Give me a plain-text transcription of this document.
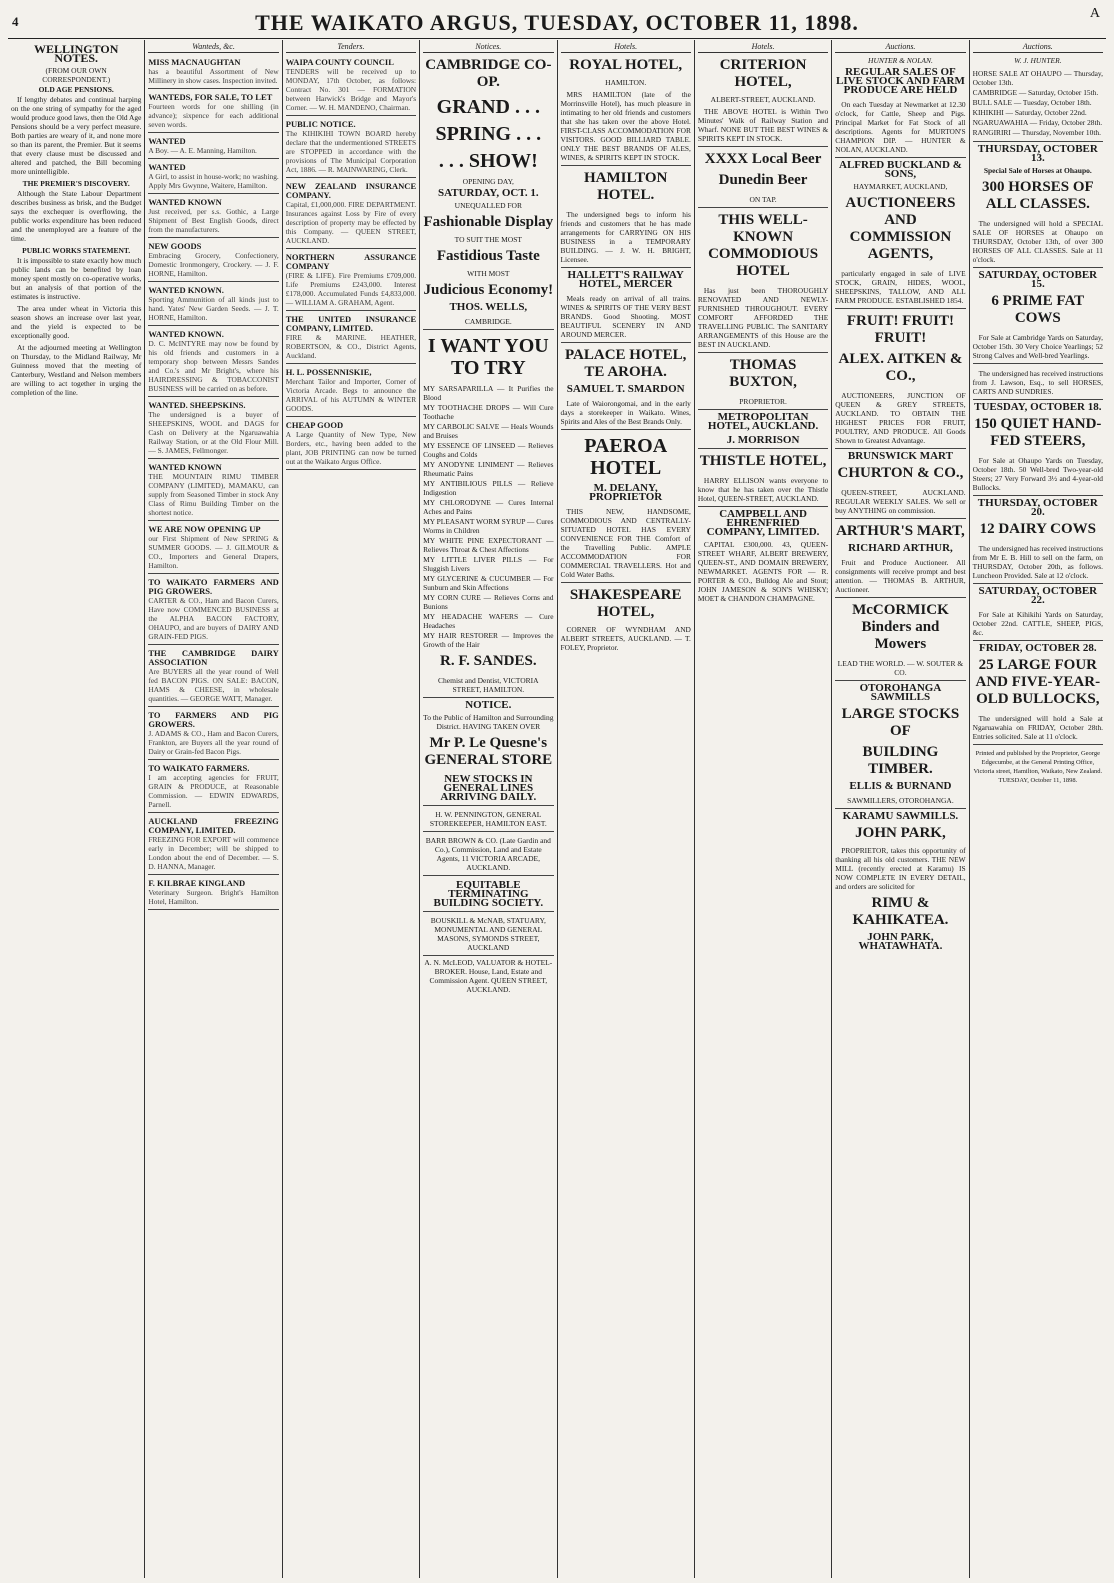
4	THE WAIKATO ARGUS, TUESDAY, OCTOBER 11, 1898.	A
WELLINGTON NOTES.
(FROM OUR OWN CORRESPONDENT.)
OLD AGE PENSIONS.

If lengthy debates and continual harping on the one string of sympathy for the aged would produce good laws, then the Old Age Pensions should be a very perfect measure. Both parties are weary of it, and none more so than its parent, the Premier. But it seems that every clause must be discussed and altered and patched, the Bill becoming more unintelligible.

THE PREMIER'S DISCOVERY.

Although the State Labour Department describes business as brisk, and the Budget says the exchequer is overflowing, the public works expenditure has been reduced and the unemployed are a feature of the time.

PUBLIC WORKS STATEMENT.

It is impossible to state exactly how much public lands can be benefited by loan money spent mostly on co-operative works, but an analysis of that portion of the estimates is instructive.

The area under wheat in Victoria this season shows an increase over last year, and the yield is expected to be exceptionally good.

At the adjourned meeting at Wellington on Thursday, to the Midland Railway, Mr Guinness moved that the meeting of Canterbury, Westland and Nelson members are willing to act together in urging the completion of the line.

Wanteds, &c.
MISS MACNAUGHTAN
has a beautiful Assortment of New Millinery in show cases. Inspection invited.
WANTEDS, FOR SALE, TO LET
Fourteen words for one shilling (in advance); sixpence for each additional seven words.
WANTED
A Boy. — A. E. Manning, Hamilton.
WANTED
A Girl, to assist in house-work; no washing. Apply Mrs Gwynne, Waitere, Hamilton.
WANTED KNOWN
Just received, per s.s. Gothic, a Large Shipment of Best English Goods, direct from the manufacturers.
NEW GOODS
Embracing Grocery, Confectionery, Domestic Ironmongery, Crockery. — J. F. HORNE, Hamilton.
WANTED KNOWN.
Sporting Ammunition of all kinds just to hand. Yates' New Garden Seeds. — J. T. HORNE, Hamilton.
WANTED KNOWN.
D. C. McINTYRE may now be found by his old friends and customers in a temporary shop between Messrs Sandes and Co.'s and Mr Bright's, where his HAIRDRESSING & TOBACCONIST BUSINESS will be carried on as before.
WANTED. SHEEPSKINS.
The undersigned is a buyer of SHEEPSKINS, WOOL and DAGS for Cash on Delivery at the Ngaruawahia Railway Station, or at the Old Flour Mill. — S. JAMES, Fellmonger.
WANTED KNOWN
THE MOUNTAIN RIMU TIMBER COMPANY (LIMITED), MAMAKU, can supply from Seasoned Timber in stock Any Class of Rimu Building Timber on the shortest notice.
WE ARE NOW OPENING UP
our First Shipment of New SPRING & SUMMER GOODS. — J. GILMOUR & CO., Importers and General Drapers, Hamilton.
TO WAIKATO FARMERS AND PIG GROWERS.
CARTER & CO., Ham and Bacon Curers, Have now COMMENCED BUSINESS at the ALPHA BACON FACTORY, OHAUPO, and are buyers of DAIRY AND GRAIN-FED PIGS.
THE CAMBRIDGE DAIRY ASSOCIATION
Are BUYERS all the year round of Well fed BACON PIGS. ON SALE: BACON, HAMS & CHEESE, in wholesale quantities. — GEORGE WATT, Manager.
TO FARMERS AND PIG GROWERS.
J. ADAMS & CO., Ham and Bacon Curers, Frankton, are Buyers all the year round of Dairy or Grain-fed Bacon Pigs.
TO WAIKATO FARMERS.
I am accepting agencies for FRUIT, GRAIN & PRODUCE, at Reasonable Commission. — EDWIN EDWARDS, Parnell.
AUCKLAND FREEZING COMPANY, LIMITED.
FREEZING FOR EXPORT will commence early in December; will be shipped to London about the end of December. — S. D. HANNA, Manager.
F. KILBRAE KINGLAND
Veterinary Surgeon. Bright's Hamilton Hotel, Hamilton.
Tenders.
WAIPA COUNTY COUNCIL
TENDERS will be received up to MONDAY, 17th October, as follows: Contract No. 301 — FORMATION between Harwick's Bridge and Mayor's Corner. — W. H. MANDENO, Chairman.
PUBLIC NOTICE.
The KIHIKIHI TOWN BOARD hereby declare that the undermentioned STREETS are STOPPED in accordance with the provisions of The Municipal Corporation Act, 1886. — R. MAINWARING, Clerk.
NEW ZEALAND INSURANCE COMPANY.
Capital, £1,000,000. FIRE DEPARTMENT. Insurances against Loss by Fire of every description of property may be effected by this Company. — QUEEN STREET, AUCKLAND.
NORTHERN ASSURANCE COMPANY
(FIRE & LIFE). Fire Premiums £709,000. Life Premiums £243,000. Interest £178,000. Accumulated Funds £4,833,000. — WILLIAM A. GRAHAM, Agent.
THE UNITED INSURANCE COMPANY, LIMITED.
FIRE & MARINE. HEATHER, ROBERTSON, & CO., District Agents, Auckland.
H. L. POSSENNISKIE,
Merchant Tailor and Importer, Corner of Victoria Arcade. Begs to announce the ARRIVAL of his AUTUMN & WINTER GOODS.
CHEAP GOOD
A Large Quantity of New Type, New Borders, etc., having been added to the plant, JOB PRINTING can now be turned out at the Waikato Argus Office.
Notices.
CAMBRIDGE CO-OP.
GRAND . . .
SPRING . . .
. . . SHOW!
OPENING DAY,
SATURDAY, OCT. 1.
UNEQUALLED FOR
Fashionable Display
TO SUIT THE MOST
Fastidious Taste
WITH MOST
Judicious Economy!
THOS. WELLS,
CAMBRIDGE.
I WANT YOU TO TRY
MY SARSAPARILLA — It Purifies the Blood
MY TOOTHACHE DROPS — Will Cure Toothache
MY CARBOLIC SALVE — Heals Wounds and Bruises
MY ESSENCE OF LINSEED — Relieves Coughs and Colds
MY ANODYNE LINIMENT — Relieves Rheumatic Pains
MY ANTIBILIOUS PILLS — Relieve Indigestion
MY CHLORODYNE — Cures Internal Aches and Pains
MY PLEASANT WORM SYRUP — Cures Worms in Children
MY WHITE PINE EXPECTORANT — Relieves Throat & Chest Affections
MY LITTLE LIVER PILLS — For Sluggish Livers
MY GLYCERINE & CUCUMBER — For Sunburn and Skin Affections
MY CORN CURE — Relieves Corns and Bunions
MY HEADACHE WAFERS — Cure Headaches
MY HAIR RESTORER — Improves the Growth of the Hair
R. F. SANDES.
Chemist and Dentist, VICTORIA STREET, HAMILTON.
NOTICE.
To the Public of Hamilton and Surrounding District. HAVING TAKEN OVER
Mr P. Le Quesne's GENERAL STORE
NEW STOCKS IN GENERAL LINES ARRIVING DAILY.
H. W. PENNINGTON, GENERAL STOREKEEPER, HAMILTON EAST.
BARR BROWN & CO. (Late Gardin and Co.), Commission, Land and Estate Agents, 11 VICTORIA ARCADE, AUCKLAND.
EQUITABLE TERMINATING BUILDING SOCIETY.
BOUSKILL & McNAB, STATUARY, MONUMENTAL AND GENERAL MASONS, SYMONDS STREET, AUCKLAND
A. N. McLEOD, VALUATOR & HOTEL-BROKER. House, Land, Estate and Commission Agent. QUEEN STREET, AUCKLAND.
Hotels.
ROYAL HOTEL,
HAMILTON.

MRS HAMILTON (late of the Morrinsville Hotel), has much pleasure in intimating to her old friends and customers that she has taken over the above Hotel. FIRST-CLASS ACCOMMODATION FOR VISITORS. GOOD BILLIARD TABLE. ONLY THE BEST BRANDS OF ALES, WINES, & SPIRITS KEPT IN STOCK.

HAMILTON HOTEL.

The undersigned begs to inform his friends and customers that he has made arrangements for CARRYING ON HIS BUSINESS in a TEMPORARY BUILDING. — J. W. H. BRIGHT, Licensee.

HALLETT'S RAILWAY HOTEL, MERCER

Meals ready on arrival of all trains. WINES & SPIRITS OF THE VERY BEST BRANDS. Good Shooting. MOST BEAUTIFUL SCENERY IN AND AROUND MERCER.

PALACE HOTEL, TE AROHA.
SAMUEL T. SMARDON

Late of Waiorongomai, and in the early days a storekeeper in Waikato. Wines, Spirits and Ales of the Best Brands Only.

PAEROA HOTEL
M. DELANY, PROPRIETOR

THIS NEW, HANDSOME, COMMODIOUS AND CENTRALLY-SITUATED HOTEL HAS EVERY CONVENIENCE FOR THE Comfort of the Travelling Public. AMPLE ACCOMMODATION FOR COMMERCIAL TRAVELLERS. Hot and Cold Water Baths.

SHAKESPEARE HOTEL,

CORNER OF WYNDHAM AND ALBERT STREETS, AUCKLAND. — T. FOLEY, Proprietor.

Hotels.
CRITERION HOTEL,
ALBERT-STREET, AUCKLAND.

THE ABOVE HOTEL is Within Two Minutes' Walk of Railway Station and Wharf. NONE BUT THE BEST WINES & SPIRITS KEPT IN STOCK.

XXXX Local Beer
Dunedin Beer
ON TAP.
THIS WELL-KNOWN COMMODIOUS HOTEL

Has just been THOROUGHLY RENOVATED AND NEWLY-FURNISHED THROUGHOUT. EVERY COMFORT AFFORDED THE TRAVELLING PUBLIC. The SANITARY ARRANGEMENTS of this House are the BEST IN AUCKLAND.

THOMAS BUXTON,
PROPRIETOR.
METROPOLITAN HOTEL, AUCKLAND.
J. MORRISON
THISTLE HOTEL,

HARRY ELLISON wants everyone to know that he has taken over the Thistle Hotel, QUEEN-STREET, AUCKLAND.

CAMPBELL AND EHRENFRIED COMPANY, LIMITED.

CAPITAL £300,000. 43, QUEEN-STREET WHARF, ALBERT BREWERY, QUEEN-ST., AND DOMAIN BREWERY, NEWMARKET. AGENTS FOR — R. PORTER & CO., Bulldog Ale and Stout; JOHN JAMESON & SON'S WHISKY; MOET & CHANDON CHAMPAGNE.

Auctions.
HUNTER & NOLAN.
REGULAR SALES OF LIVE STOCK AND FARM PRODUCE ARE HELD

On each Tuesday at Newmarket at 12.30 o'clock, for Cattle, Sheep and Pigs. Principal Market for Fat Stock of all descriptions. Agents for MURTON'S CHAMPION DIP. — HUNTER & NOLAN, AUCKLAND.

ALFRED BUCKLAND & SONS,
HAYMARKET, AUCKLAND,
AUCTIONEERS AND COMMISSION AGENTS,

particularly engaged in sale of LIVE STOCK, GRAIN, HIDES, WOOL, SHEEPSKINS, TALLOW, AND ALL FARM PRODUCE. ESTABLISHED 1854.

FRUIT! FRUIT! FRUIT!
ALEX. AITKEN & CO.,

AUCTIONEERS, JUNCTION OF QUEEN & GREY STREETS, AUCKLAND. TO OBTAIN THE HIGHEST PRICES FOR FRUIT, POULTRY, AND PRODUCE. All Goods Shown to Greatest Advantage.

BRUNSWICK MART
CHURTON & CO.,

QUEEN-STREET, AUCKLAND. REGULAR WEEKLY SALES. We sell or buy ANYTHING on commission.

ARTHUR'S MART,
RICHARD ARTHUR,

Fruit and Produce Auctioneer. All consignments will receive prompt and best attention. — THOMAS B. ARTHUR, Auctioneer.

McCORMICK Binders and Mowers
LEAD THE WORLD. — W. SOUTER & CO.
OTOROHANGA SAWMILLS
LARGE STOCKS OF
BUILDING TIMBER.
ELLIS & BURNAND
SAWMILLERS, OTOROHANGA.
KARAMU SAWMILLS.
JOHN PARK,

PROPRIETOR, takes this opportunity of thanking all his old customers. THE NEW MILL (recently erected at Karamu) IS NOW COMPLETE IN EVERY DETAIL, and orders are solicited for

RIMU & KAHIKATEA.
JOHN PARK, WHATAWHATA.
Auctions.
W. J. HUNTER.
HORSE SALE AT OHAUPO — Thursday, October 13th.
CAMBRIDGE — Saturday, October 15th.
BULL SALE — Tuesday, October 18th.
KIHIKIHI — Saturday, October 22nd.
NGARUAWAHIA — Friday, October 28th.
RANGIRIRI — Thursday, November 10th.
THURSDAY, OCTOBER 13.
Special Sale of Horses at Ohaupo.
300 HORSES OF ALL CLASSES.

The undersigned will hold a SPECIAL SALE OF HORSES at Ohaupo on THURSDAY, October 13th, of over 300 HORSES OF ALL CLASSES. Sale at 11 o'clock.

SATURDAY, OCTOBER 15.
6 PRIME FAT COWS

For Sale at Cambridge Yards on Saturday, October 15th. 30 Very Choice Yearlings; 52 Strong Calves and Well-bred Yearlings.

The undersigned has received instructions from J. Lawson, Esq., to sell HORSES, CARTS AND SUNDRIES.

TUESDAY, OCTOBER 18.
150 QUIET HAND-FED STEERS,

For Sale at Ohaupo Yards on Tuesday, October 18th. 50 Well-bred Two-year-old Steers; 27 Very Forward 3½ and 4-year-old Bullocks.

THURSDAY, OCTOBER 20.
12 DAIRY COWS

The undersigned has received instructions from Mr E. B. Hill to sell on the farm, on THURSDAY, October 20th, as follows. Luncheon Provided. Sale at 12 o'clock.

SATURDAY, OCTOBER 22.

For Sale at Kihikihi Yards on Saturday, October 22nd. CATTLE, SHEEP, PIGS, &c.

FRIDAY, OCTOBER 28.
25 LARGE FOUR AND FIVE-YEAR-OLD BULLOCKS,

The undersigned will hold a Sale at Ngaruawahia on FRIDAY, October 28th. Entries solicited. Sale at 11 o'clock.

Printed and published by the Proprietor, George Edgecumbe, at the General Printing Office, Victoria street, Hamilton, Waikato, New Zealand. TUESDAY, October 11, 1898.
